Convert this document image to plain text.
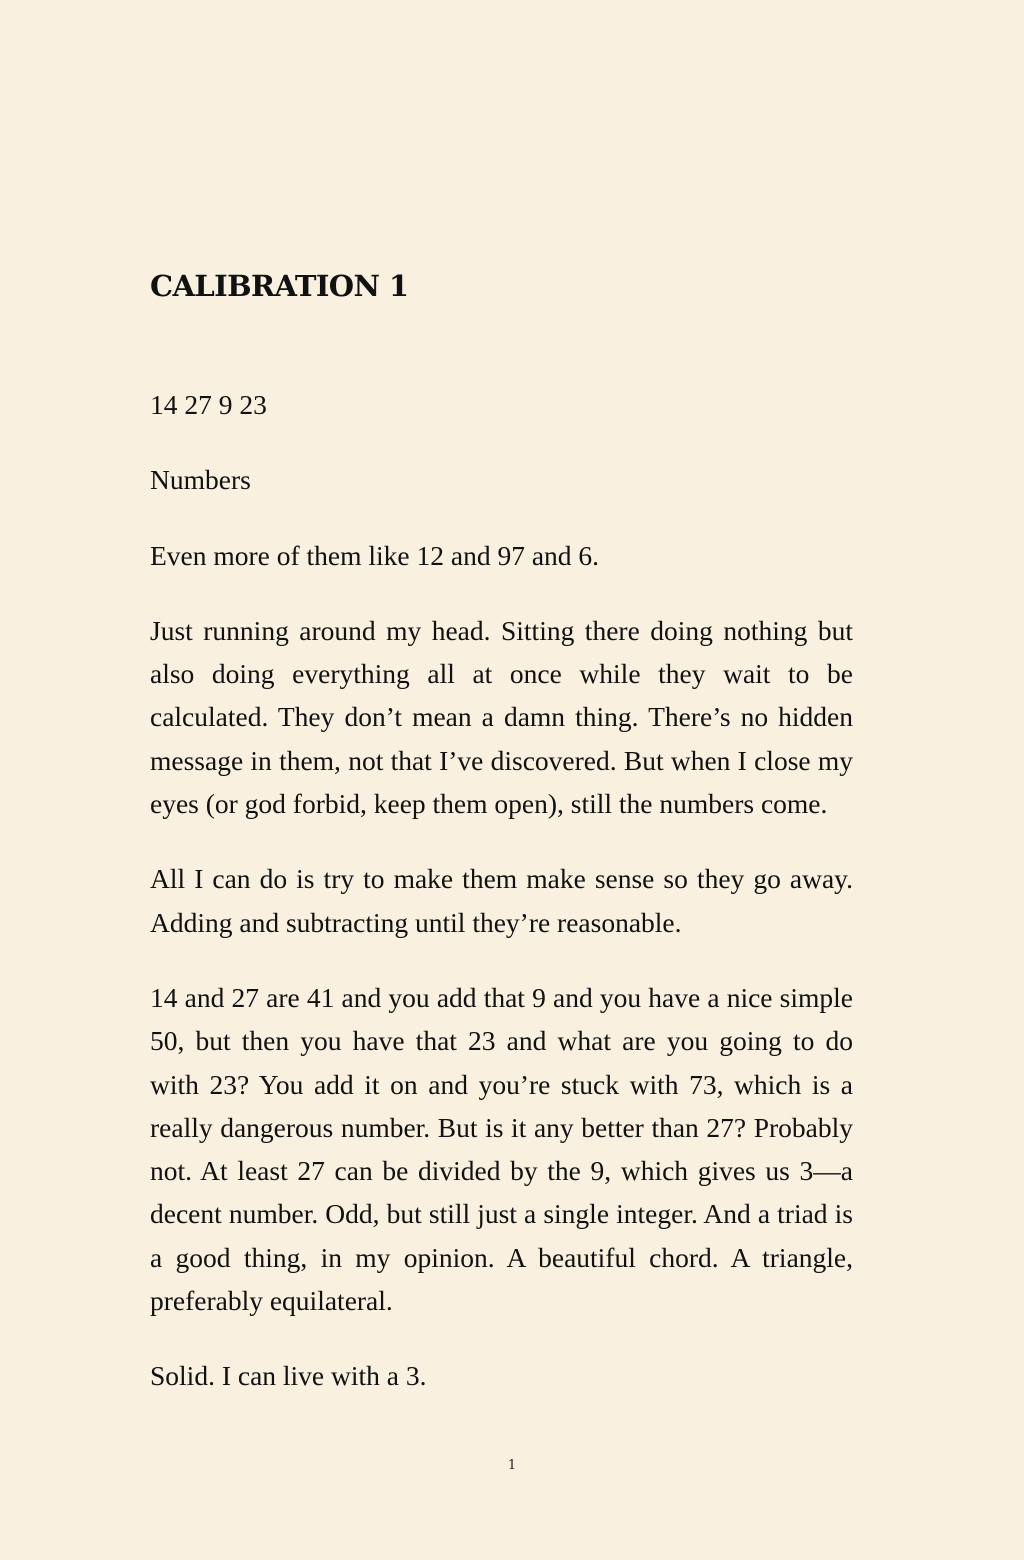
CALIBRATION 1

14 27 9 23

Numbers

Even more of them like 12 and 97 and 6.

Just running around my head. Sitting there doing nothing but also doing everything all at once while they wait to be calculated. They don’t mean a damn thing. There’s no hidden message in them, not that I’ve discovered. But when I close my eyes (or god forbid, keep them open), still the numbers come.

All I can do is try to make them make sense so they go away. Adding and subtracting until they’re reasonable.

14 and 27 are 41 and you add that 9 and you have a nice simple 50, but then you have that 23 and what are you going to do with 23? You add it on and you’re stuck with 73, which is a really dangerous number. But is it any better than 27? Probably not. At least 27 can be divided by the 9, which gives us 3—a decent number. Odd, but still just a single integer. And a triad is a good thing, in my opinion. A beautiful chord. A triangle, preferably equilateral.

Solid. I can live with a 3.

1
